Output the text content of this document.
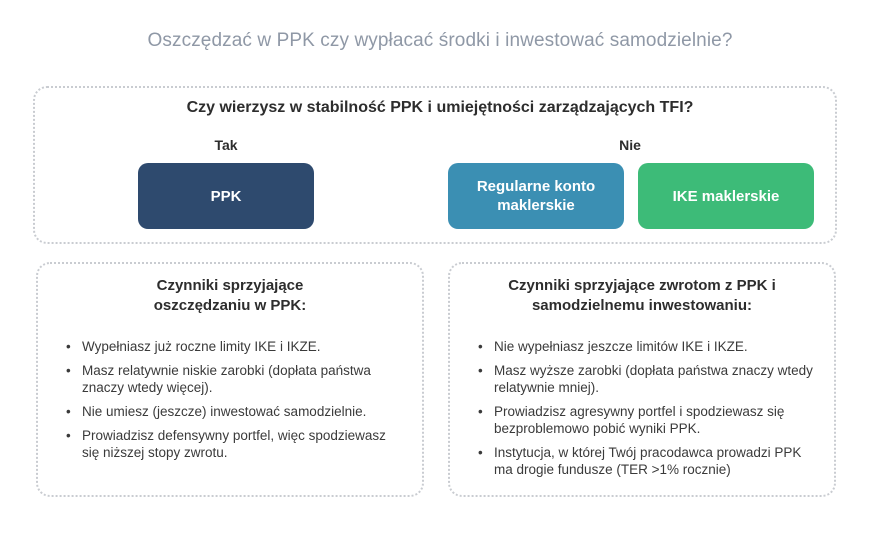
Oszczędzać w PPK czy wypłacać środki i inwestować samodzielnie?
Czy wierzysz w stabilność PPK i umiejętności zarządzających TFI?
Tak	Nie
PPK
Regularne konto maklerskie
IKE maklerskie
Czynniki sprzyjające oszczędzaniu w PPK:
• Wypełniasz już roczne limity IKE i IKZE.
• Masz relatywnie niskie zarobki (dopłata państwa znaczy wtedy więcej).
• Nie umiesz (jeszcze) inwestować samodzielnie.
• Prowiadzisz defensywny portfel, więc spodziewasz się niższej stopy zwrotu.
Czynniki sprzyjające zwrotom z PPK i samodzielnemu inwestowaniu:
• Nie wypełniasz jeszcze limitów IKE i IKZE.
• Masz wyższe zarobki (dopłata państwa znaczy wtedy relatywnie mniej).
• Prowiadzisz agresywny portfel i spodziewasz się bezproblemowo pobić wyniki PPK.
• Instytucja, w której Twój pracodawca prowadzi PPK ma drogie fundusze (TER >1% rocznie)
